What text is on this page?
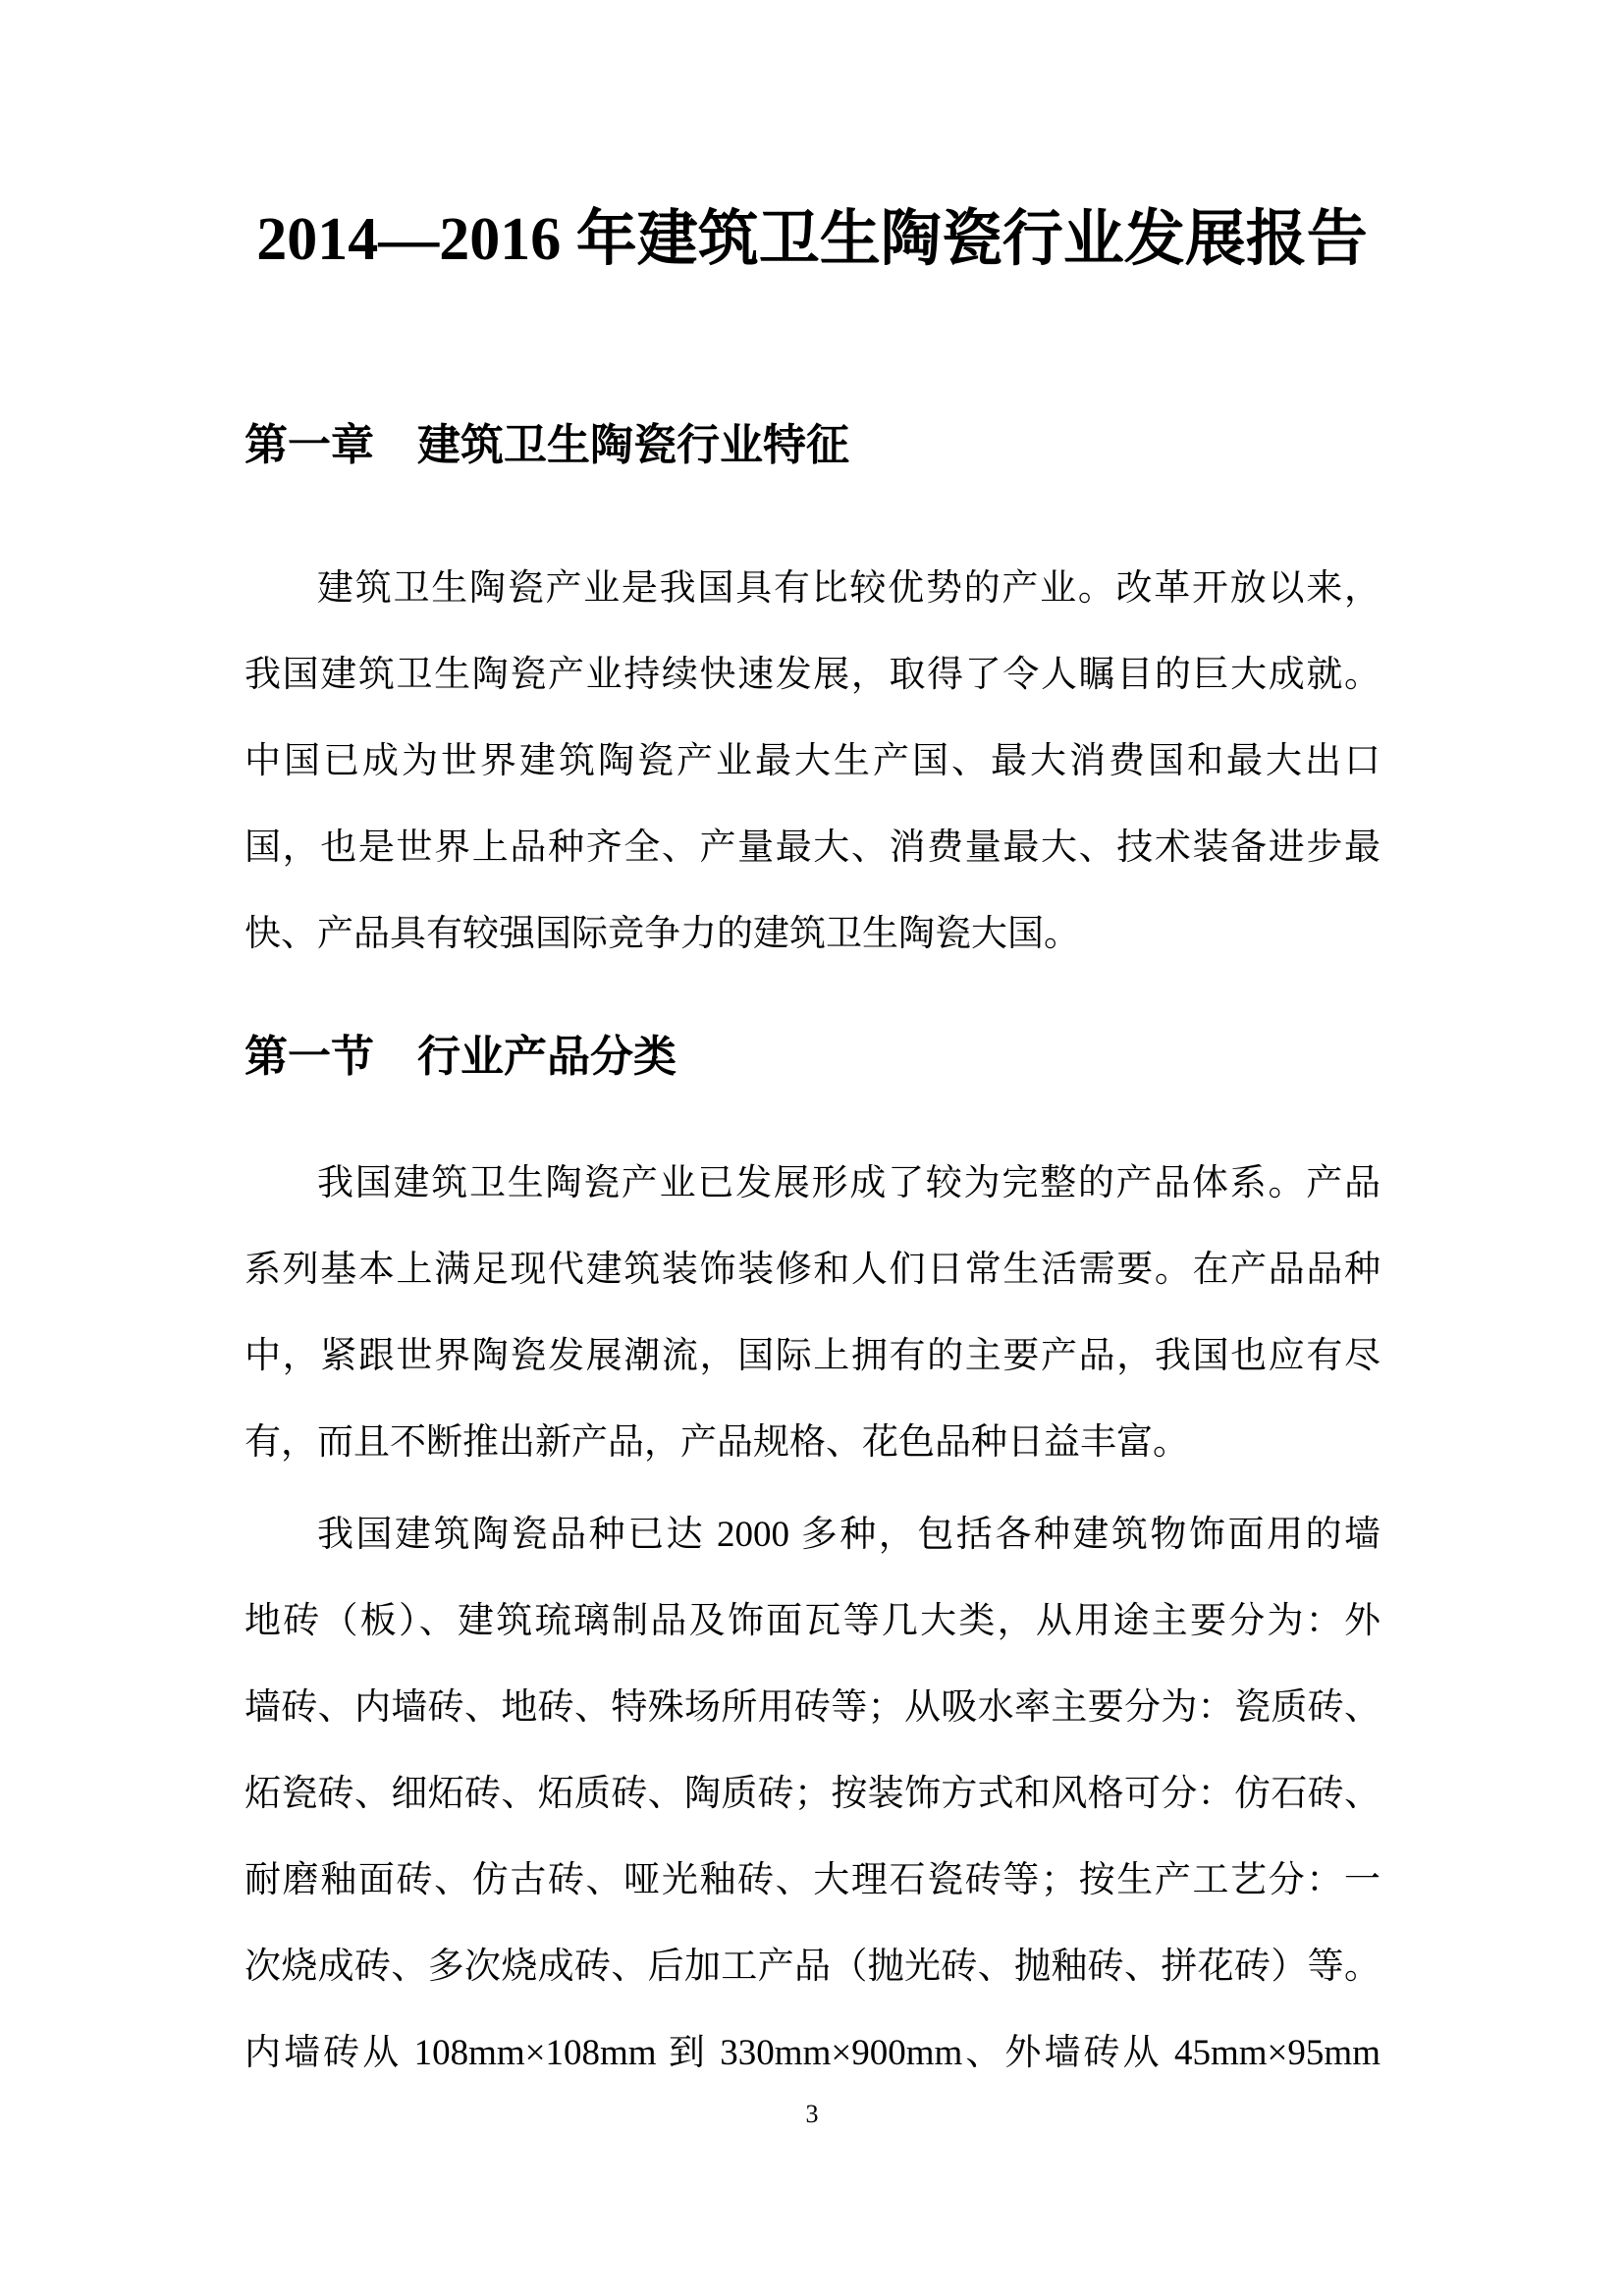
2014—2016 年建筑卫生陶瓷行业发展报告
第一章　建筑卫生陶瓷行业特征
建筑卫生陶瓷产业是我国具有比较优势的产业。改革开放以来，
我国建筑卫生陶瓷产业持续快速发展，取得了令人瞩目的巨大成就。
中国已成为世界建筑陶瓷产业最大生产国、最大消费国和最大出口
国，也是世界上品种齐全、产量最大、消费量最大、技术装备进步最
快、产品具有较强国际竞争力的建筑卫生陶瓷大国。
第一节　行业产品分类
我国建筑卫生陶瓷产业已发展形成了较为完整的产品体系。产品
系列基本上满足现代建筑装饰装修和人们日常生活需要。在产品品种
中，紧跟世界陶瓷发展潮流，国际上拥有的主要产品，我国也应有尽
有，而且不断推出新产品，产品规格、花色品种日益丰富。
我国建筑陶瓷品种已达 2000 多种，包括各种建筑物饰面用的墙
地砖（板）、建筑琉璃制品及饰面瓦等几大类，从用途主要分为：外
墙砖、内墙砖、地砖、特殊场所用砖等；从吸水率主要分为：瓷质砖、
炻瓷砖、细炻砖、炻质砖、陶质砖；按装饰方式和风格可分：仿石砖、
耐磨釉面砖、仿古砖、哑光釉砖、大理石瓷砖等；按生产工艺分：一
次烧成砖、多次烧成砖、后加工产品（抛光砖、抛釉砖、拼花砖）等。
内墙砖从 108mm×108mm 到 330mm×900mm、外墙砖从 45mm×95mm
3
